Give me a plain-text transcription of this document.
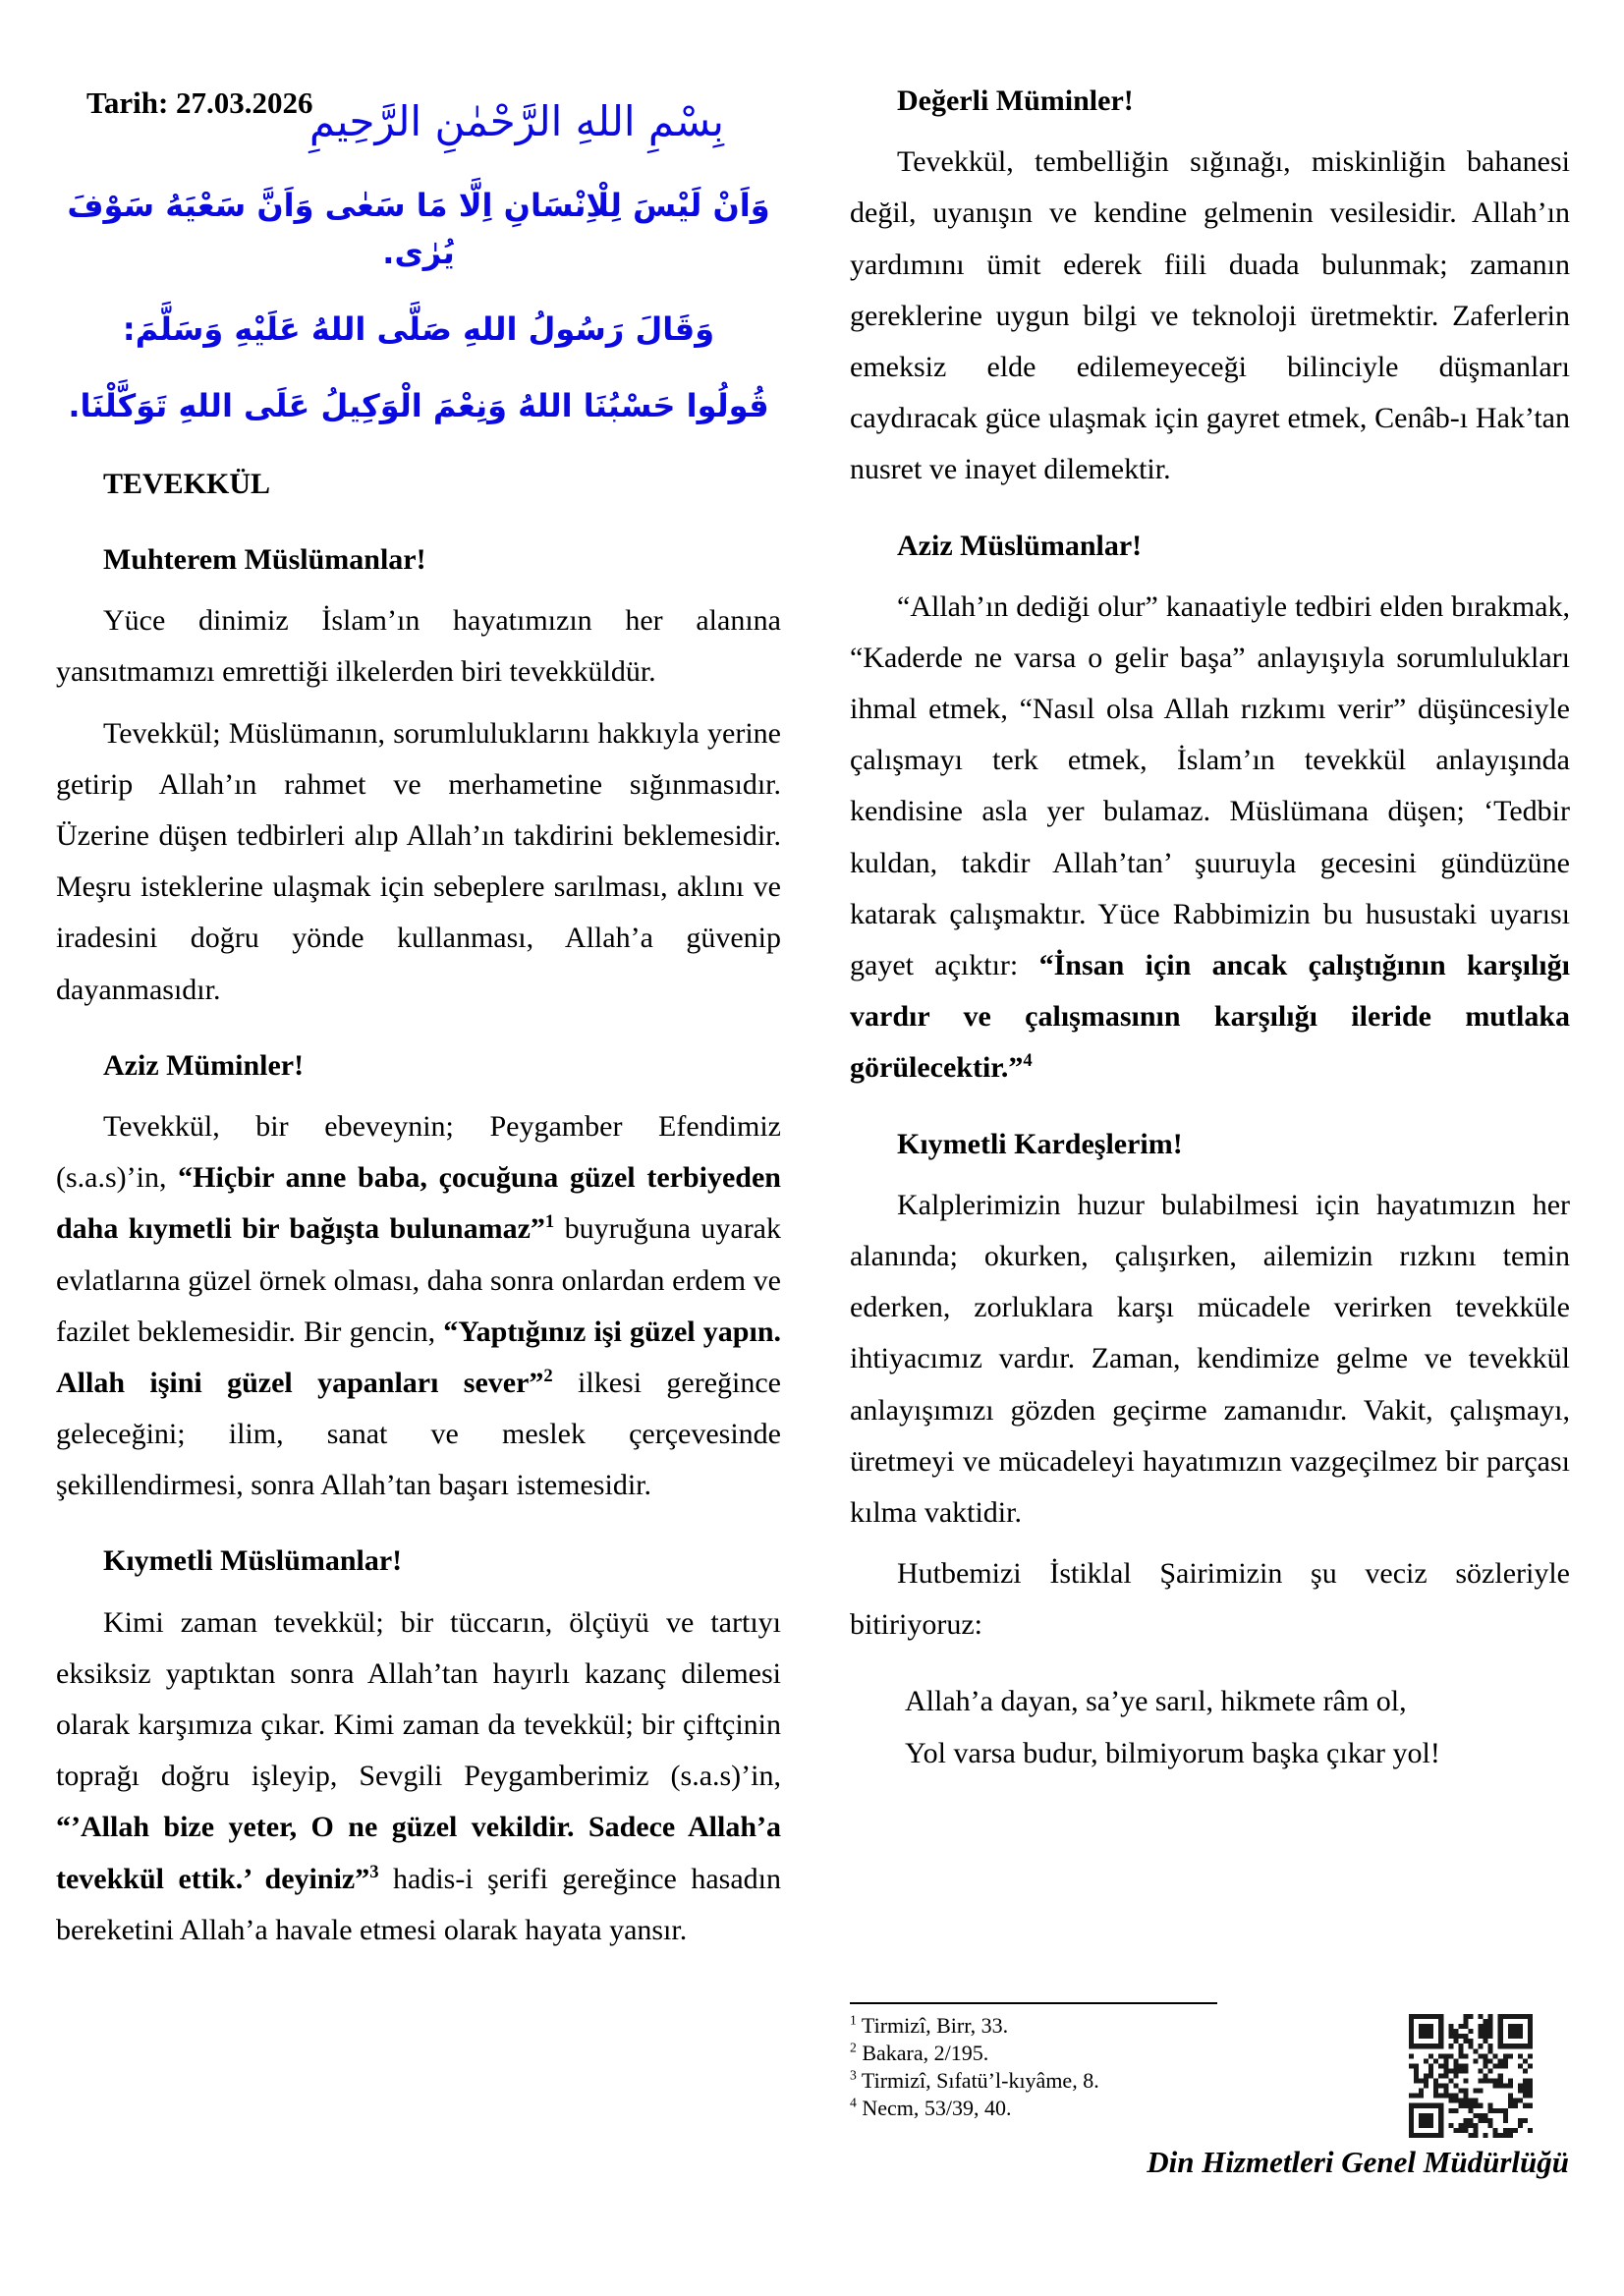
Tarih: 27.03.2026
بِسْمِ اللهِ الرَّحْمٰنِ الرَّحِيمِ
وَاَنْ لَيْسَ لِلْاِنْسَانِ اِلَّا مَا سَعٰى وَاَنَّ سَعْيَهُ سَوْفَ يُرٰى.
وَقَالَ رَسُولُ اللهِ صَلَّى اللهُ عَلَيْهِ وَسَلَّمَ:
قُولُوا حَسْبُنَا اللهُ وَنِعْمَ الْوَكِيلُ عَلَى اللهِ تَوَكَّلْنَا.
TEVEKKÜL
Muhterem Müslümanlar!

Yüce dinimiz İslam’ın hayatımızın her alanına yansıtmamızı emrettiği ilkelerden biri tevekküldür.

Tevekkül; Müslümanın, sorumluluklarını hakkıyla yerine getirip Allah’ın rahmet ve merhametine sığınmasıdır. Üzerine düşen tedbirleri alıp Allah’ın takdirini beklemesidir. Meşru isteklerine ulaşmak için sebeplere sarılması, aklını ve iradesini doğru yönde kullanması, Allah’a güvenip dayanmasıdır.

Aziz Müminler!

Tevekkül, bir ebeveynin; Peygamber Efendimiz (s.a.s)’in, “Hiçbir anne baba, çocuğuna güzel terbiyeden daha kıymetli bir bağışta bulunamaz”$^1$ buyruğuna uyarak evlatlarına güzel örnek olması, daha sonra onlardan erdem ve fazilet beklemesidir. Bir gencin, “Yaptığınız işi güzel yapın. Allah işini güzel yapanları sever”$^2$ ilkesi gereğince geleceğini; ilim, sanat ve meslek çerçevesinde şekillendirmesi, sonra Allah’tan başarı istemesidir.

Kıymetli Müslümanlar!

Kimi zaman tevekkül; bir tüccarın, ölçüyü ve tartıyı eksiksiz yaptıktan sonra Allah’tan hayırlı kazanç dilemesi olarak karşımıza çıkar. Kimi zaman da tevekkül; bir çiftçinin toprağı doğru işleyip, Sevgili Peygamberimiz (s.a.s)’in, “’Allah bize yeter, O ne güzel vekildir. Sadece Allah’a tevekkül ettik.’ deyiniz”$^3$ hadis-i şerifi gereğince hasadın bereketini Allah’a havale etmesi olarak hayata yansır.

Değerli Müminler!

Tevekkül, tembelliğin sığınağı, miskinliğin bahanesi değil, uyanışın ve kendine gelmenin vesilesidir. Allah’ın yardımını ümit ederek fiili duada bulunmak; zamanın gereklerine uygun bilgi ve teknoloji üretmektir. Zaferlerin emeksiz elde edilemeyeceği bilinciyle düşmanları caydıracak güce ulaşmak için gayret etmek, Cenâb-ı Hak’tan nusret ve inayet dilemektir.

Aziz Müslümanlar!

“Allah’ın dediği olur” kanaatiyle tedbiri elden bırakmak, “Kaderde ne varsa o gelir başa” anlayışıyla sorumlulukları ihmal etmek, “Nasıl olsa Allah rızkımı verir” düşüncesiyle çalışmayı terk etmek, İslam’ın tevekkül anlayışında kendisine asla yer bulamaz. Müslümana düşen; ‘Tedbir kuldan, takdir Allah’tan’ şuuruyla gecesini gündüzüne katarak çalışmaktır. Yüce Rabbimizin bu husustaki uyarısı gayet açıktır: “İnsan için ancak çalıştığının karşılığı vardır ve çalışmasının karşılığı ileride mutlaka görülecektir.”$^4$

Kıymetli Kardeşlerim!

Kalplerimizin huzur bulabilmesi için hayatımızın her alanında; okurken, çalışırken, ailemizin rızkını temin ederken, zorluklara karşı mücadele verirken tevekküle ihtiyacımız vardır. Zaman, kendimize gelme ve tevekkül anlayışımızı gözden geçirme zamanıdır. Vakit, çalışmayı, üretmeyi ve mücadeleyi hayatımızın vazgeçilmez bir parçası kılma vaktidir.

Hutbemizi İstiklal Şairimizin şu veciz sözleriyle bitiriyoruz:

Allah’a dayan, sa’ye sarıl, hikmete râm ol,
Yol varsa budur, bilmiyorum başka çıkar yol!
$^1$ Tirmizî, Birr, 33.
$^2$ Bakara, 2/195.
$^3$ Tirmizî, Sıfatü’l-kıyâme, 8.
$^4$ Necm, 53/39, 40.
Din Hizmetleri Genel Müdürlüğü
